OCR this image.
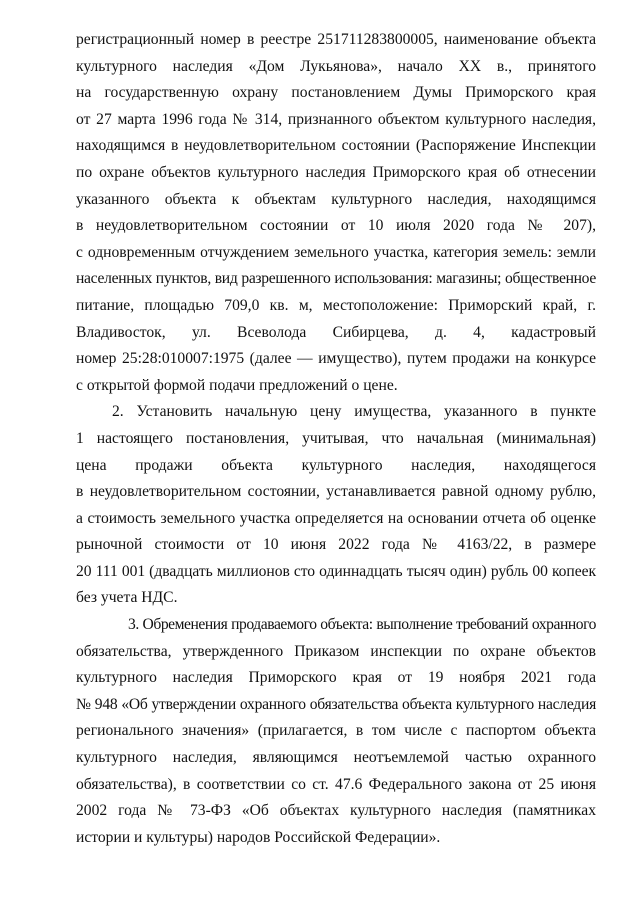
регистрационный номер в реестре 251711283800005, наименование объекта
культурного наследия «Дом Лукьянова», начало XX в., принятого
на государственную охрану постановлением Думы Приморского края
от 27 марта 1996 года № 314, признанного объектом культурного наследия,
находящимся в неудовлетворительном состоянии (Распоряжение Инспекции
по охране объектов культурного наследия Приморского края об отнесении
указанного объекта к объектам культурного наследия, находящимся
в неудовлетворительном состоянии от 10 июля 2020 года № 207),
с одновременным отчуждением земельного участка, категория земель: земли
населенных пунктов, вид разрешенного использования: магазины; общественное
питание, площадью 709,0 кв. м, местоположение: Приморский край, г.
Владивосток, ул. Всеволода Сибирцева, д. 4, кадастровый
номер 25:28:010007:1975 (далее — имущество), путем продажи на конкурсе
с открытой формой подачи предложений о цене.
2. Установить начальную цену имущества, указанного в пункте
1 настоящего постановления, учитывая, что начальная (минимальная)
цена продажи объекта культурного наследия, находящегося
в неудовлетворительном состоянии, устанавливается равной одному рублю,
а стоимость земельного участка определяется на основании отчета об оценке
рыночной стоимости от 10 июня 2022 года № 4163/22, в размере
20 111 001 (двадцать миллионов сто одиннадцать тысяч один) рубль 00 копеек
без учета НДС.
3. Обременения продаваемого объекта: выполнение требований охранного
обязательства, утвержденного Приказом инспекции по охране объектов
культурного наследия Приморского края от 19 ноября 2021 года
№ 948 «Об утверждении охранного обязательства объекта культурного наследия
регионального значения» (прилагается, в том числе с паспортом объекта
культурного наследия, являющимся неотъемлемой частью охранного
обязательства), в соответствии со ст. 47.6 Федерального закона от 25 июня
2002 года № 73-ФЗ «Об объектах культурного наследия (памятниках
истории и культуры) народов Российской Федерации».
